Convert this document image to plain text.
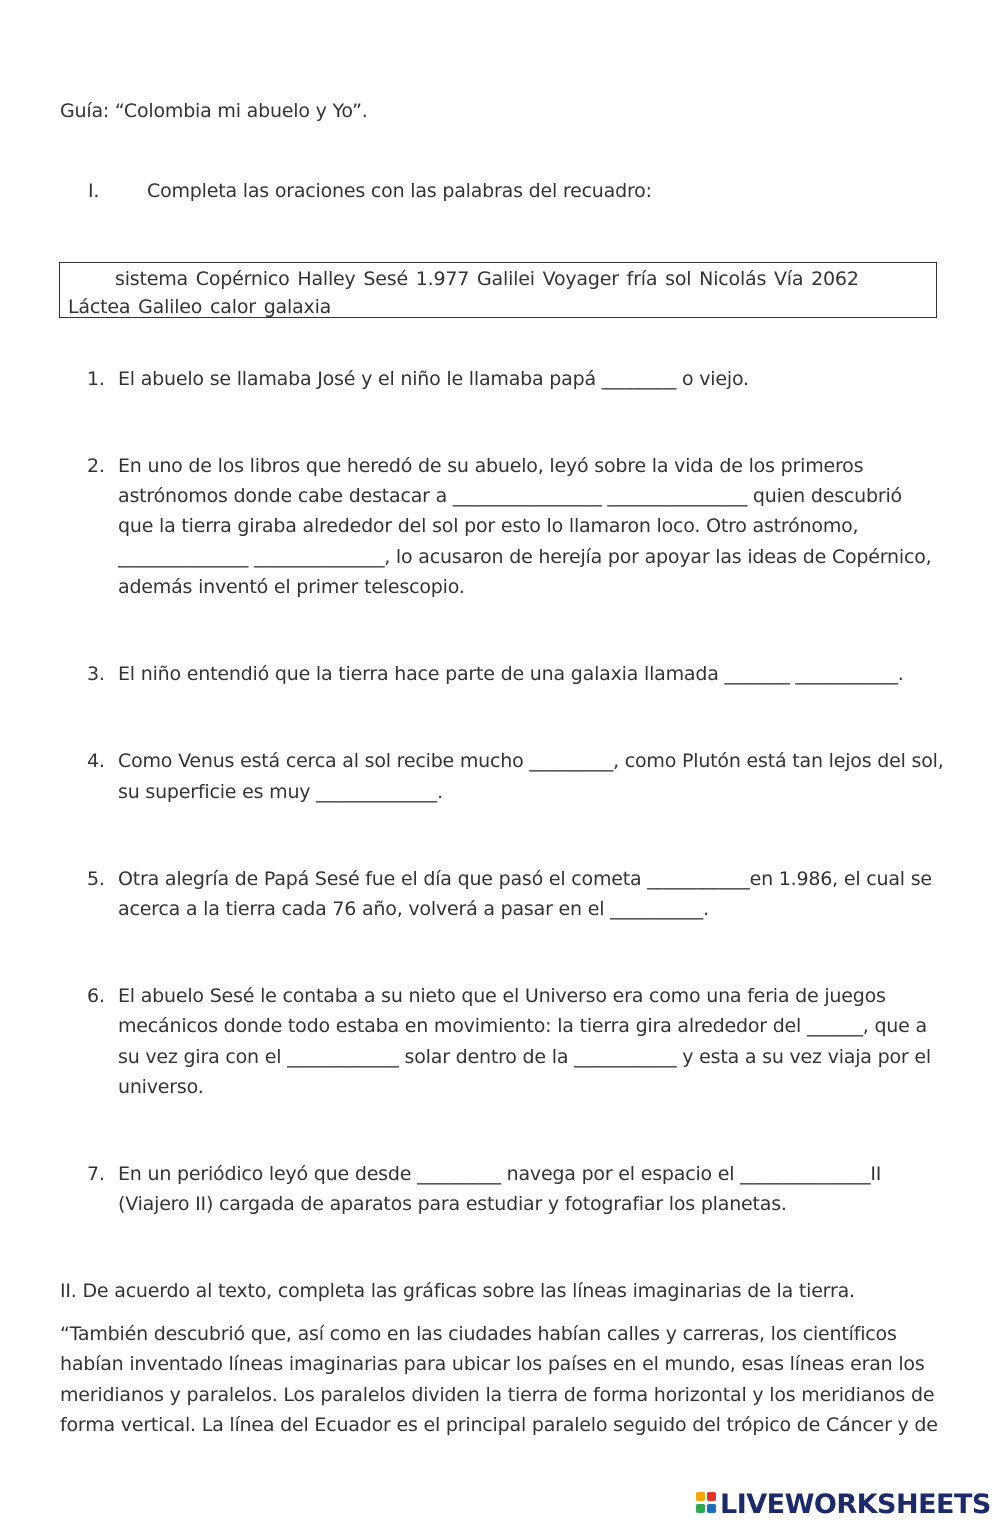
Guía: “Colombia mi abuelo y Yo”.
I.	Completa las oraciones con las palabras del recuadro:
sistema Copérnico Halley Sesé 1.977 Galilei Voyager fría sol Nicolás Vía 2062
Láctea Galileo calor galaxia
1. El abuelo se llamaba José y el niño le llamaba papá ________ o viejo.
2. En uno de los libros que heredó de su abuelo, leyó sobre la vida de los primeros
astrónomos donde cabe destacar a ________________ _______________ quien descubrió
que la tierra giraba alrededor del sol por esto lo llamaron loco. Otro astrónomo,
______________ ______________, lo acusaron de herejía por apoyar las ideas de Copérnico,
además inventó el primer telescopio.
3. El niño entendió que la tierra hace parte de una galaxia llamada _______ ___________.
4. Como Venus está cerca al sol recibe mucho _________, como Plutón está tan lejos del sol,
su superficie es muy _____________.
5. Otra alegría de Papá Sesé fue el día que pasó el cometa ___________en 1.986, el cual se
acerca a la tierra cada 76 año, volverá a pasar en el __________.
6. El abuelo Sesé le contaba a su nieto que el Universo era como una feria de juegos
mecánicos donde todo estaba en movimiento: la tierra gira alrededor del ______, que a
su vez gira con el ____________ solar dentro de la ___________ y esta a su vez viaja por el
universo.
7. En un periódico leyó que desde _________ navega por el espacio el ______________II
(Viajero II) cargada de aparatos para estudiar y fotografiar los planetas.
II. De acuerdo al texto, completa las gráficas sobre las líneas imaginarias de la tierra.
“También descubrió que, así como en las ciudades habían calles y carreras, los científicos
habían inventado líneas imaginarias para ubicar los países en el mundo, esas líneas eran los
meridianos y paralelos. Los paralelos dividen la tierra de forma horizontal y los meridianos de
forma vertical. La línea del Ecuador es el principal paralelo seguido del trópico de Cáncer y de
LIVEWORKSHEETS
